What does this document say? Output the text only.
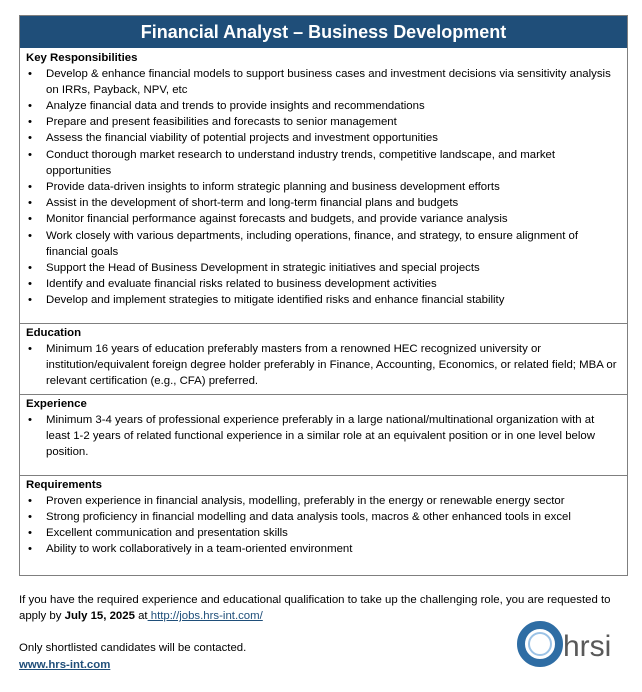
Financial Analyst – Business Development
Key Responsibilities
• Develop & enhance financial models to support business cases and investment decisions via sensitivity analysis on IRRs, Payback, NPV, etc
• Analyze financial data and trends to provide insights and recommendations
• Prepare and present feasibilities and forecasts to senior management
• Assess the financial viability of potential projects and investment opportunities
• Conduct thorough market research to understand industry trends, competitive landscape, and market opportunities
• Provide data-driven insights to inform strategic planning and business development efforts
• Assist in the development of short-term and long-term financial plans and budgets
• Monitor financial performance against forecasts and budgets, and provide variance analysis
• Work closely with various departments, including operations, finance, and strategy, to ensure alignment of financial goals
• Support the Head of Business Development in strategic initiatives and special projects
• Identify and evaluate financial risks related to business development activities
• Develop and implement strategies to mitigate identified risks and enhance financial stability
Education
• Minimum 16 years of education preferably masters from a renowned HEC recognized university or institution/equivalent foreign degree holder preferably in Finance, Accounting, Economics, or related field; MBA or relevant certification (e.g., CFA) preferred.
Experience
• Minimum 3-4 years of professional experience preferably in a large national/multinational organization with at least 1-2 years of related functional experience in a similar role at an equivalent position or in one level below position.
Requirements
• Proven experience in financial analysis, modelling, preferably in the energy or renewable energy sector
• Strong proficiency in financial modelling and data analysis tools, macros & other enhanced tools in excel
• Excellent communication and presentation skills
• Ability to work collaboratively in a team-oriented environment
If you have the required experience and educational qualification to take up the challenging role, you are requested to apply by July 15, 2025 at http://jobs.hrs-int.com/
Only shortlisted candidates will be contacted.
www.hrs-int.com
hrsi
